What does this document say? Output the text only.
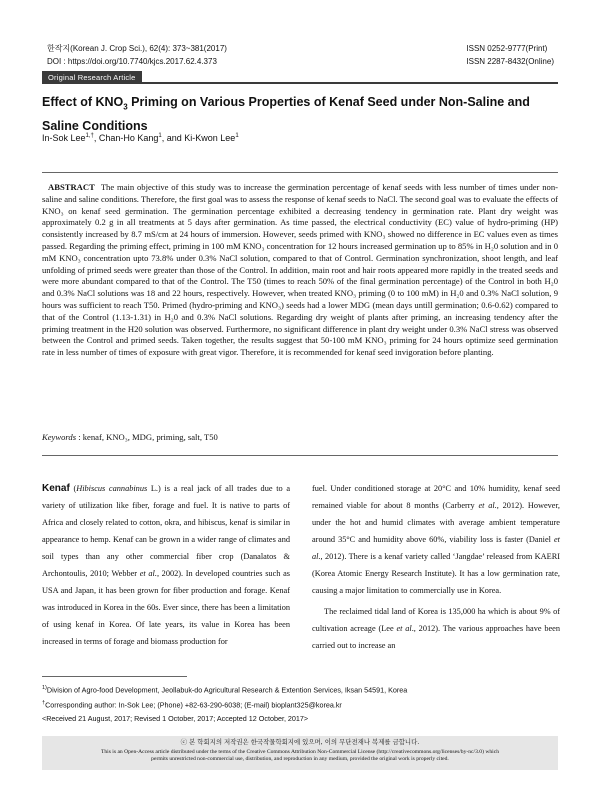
한작지(Korean J. Crop Sci.), 62(4): 373~381(2017)
DOI : https://doi.org/10.7740/kjcs.2017.62.4.373
ISSN 0252-9777(Print)
ISSN 2287-8432(Online)
Original Research Article
Effect of $KNO_3$ Priming on Various Properties of Kenaf Seed under Non-Saline and Saline Conditions
In-Sok Lee$^{1,\dagger}$, Chan-Ho Kang$^1$, and Ki-Kwon Lee$^1$
ABSTRACT The main objective of this study was to increase the germination percentage of kenaf seeds with less number of times under non-saline and saline conditions. Therefore, the first goal was to assess the response of kenaf seeds to NaCl. The second goal was to evaluate the effects of KNO₃ on kenaf seed germination. The germination percentage exhibited a decreasing tendency in germination rate. Plant dry weight was approximately 0.2 g in all treatments at 5 days after germination. As time passed, the electrical conductivity (EC) value of hydro-priming (HP) consistently increased by 8.7 mS/cm at 24 hours of immersion. However, seeds primed with KNO₃ showed no difference in EC values even as times passed. Regarding the priming effect, priming in 100 mM KNO₃ concentration for 12 hours increased germination up to 85% in H₂0 solution and in 0 mM KNO₃ concentration upto 73.8% under 0.3% NaCl solution, compared to that of Control. Germination synchronization, shoot length, and leaf unfolding of primed seeds were greater than those of the Control. In addition, main root and hair roots appeared more rapidly in the treated seeds and were more abundant compared to that of the Control. The T50 (times to reach 50% of the final germination percentage) of the Control in both H₂0 and 0.3% NaCl solutions was 18 and 22 hours, respectively. However, when treated KNO₃ priming (0 to 100 mM) in H₂0 and 0.3% NaCl solution, 9 hours was sufficient to reach T50. Primed (hydro-priming and KNO₃) seeds had a lower MDG (mean days untill germination; 0.6-0.62) compared to that of the Control (1.13-1.31) in H₂0 and 0.3% NaCl solutions. Regarding dry weight of plants after priming, an increasing tendency after the priming treatment in the H20 solution was observed. Furthermore, no significant difference in plant dry weight under 0.3% NaCl stress was observed between the Control and primed seeds. Taken together, the results suggest that 50-100 mM KNO₃ priming for 24 hours optimize seed germination rate in less number of times of exposure with great vigor. Therefore, it is recommended for kenaf seed invigoration before planting.
Keywords : kenaf, KNO₃, MDG, priming, salt, T50

Kenaf (Hibiscus cannabinus L.) is a real jack of all trades due to a variety of utilization like fiber, forage and fuel. It is native to parts of Africa and closely related to cotton, okra, and hibiscus, kenaf is similar in appearance to hemp. Kenaf can be grown in a wider range of climates and soil types than any other commercial fiber crop (Danalatos & Archontoulis, 2010; Webber et al., 2002). In developed countries such as USA and Japan, it has been grown for fiber production and forage. Kenaf was introduced in Korea in the 60s. Ever since, there has been a limitation of using kenaf in Korea. Of late years, its value in Korea has been increased in terms of forage and biomass production for

fuel. Under conditioned storage at 20°C and 10% humidity, kenaf seed remained viable for about 8 months (Carberry et al., 2012). However, under the hot and humid climates with average ambient temperature around 35°C and humidity above 60%, viability loss is faster (Daniel et al., 2012). There is a kenaf variety called ‘Jangdae’ released from KAERI (Korea Atomic Energy Research Institute). It has a low germination rate, causing a major limitation to commercially use in Korea.

The reclaimed tidal land of Korea is 135,000 ha which is about 9% of cultivation acreage (Lee et al., 2012). The various approaches have been carried out to increase an

$^{1)}$Division of Agro-food Development, Jeollabuk-do Agricultural Research & Extention Services, Iksan 54591, Korea
†Corresponding author: In-Sok Lee; (Phone) +82-63-290-6038; (E-mail) bioplant325@korea.kr
<Received 21 August, 2017; Revised 1 October, 2017; Accepted 12 October, 2017>
ⓒ 본 학회지의 저작권은 한국작물학회지에 있으며, 이의 무단전재나 복제를 금합니다.
This is an Open-Access article distributed under the terms of the Creative Commons Attribution Non-Commercial License (http://creativecommons.org/licenses/by-nc/3.0) which
permits unrestricted non-commercial use, distribution, and reproduction in any medium, provided the original work is properly cited.
